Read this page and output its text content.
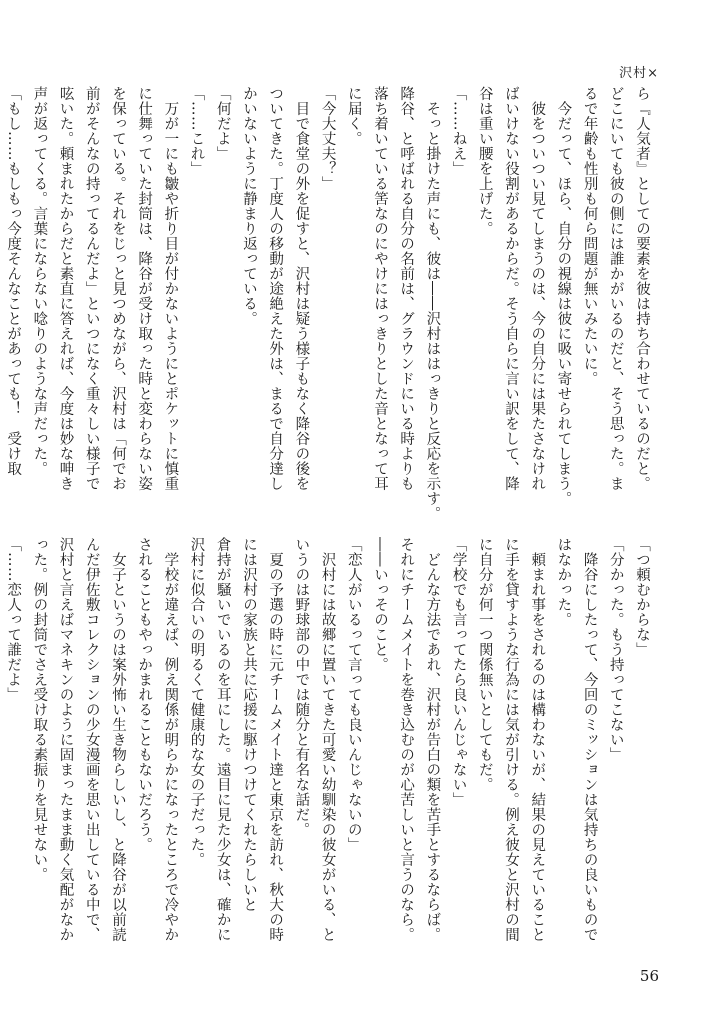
沢村×
ら『人気者』としての要素を彼は持ち合わせているのだと。
どこにいても彼の側には誰かがいるのだと、そう思った。ま
るで年齢も性別も何ら問題が無いみたいに。
　今だって、ほら、自分の視線は彼に吸い寄せられてしまう。
　彼をついつい見てしまうのは、今の自分には果たさなけれ
ばいけない役割があるからだ。そう自らに言い訳をして、降
谷は重い腰を上げた。
「……ねえ」
　そっと掛けた声にも、彼は――沢村ははっきりと反応を示す。
降谷、と呼ばれる自分の名前は、グラウンドにいる時よりも
落ち着いている筈なのにやけにはっきりとした音となって耳
に届く。
「今大丈夫？」
　目で食堂の外を促すと、沢村は疑う様子もなく降谷の後を
ついてきた。丁度人の移動が途絶えた外は、まるで自分達し
かいないように静まり返っている。
「何だよ」
「……これ」
　万が一にも皺や折り目が付かないようにとポケットに慎重
に仕舞っていた封筒は、降谷が受け取った時と変わらない姿
を保っている。それをじっと見つめながら、沢村は「何でお
前がそんなの持ってるんだよ」といつになく重々しい様子で
呟いた。頼まれたからだと素直に答えれば、今度は妙な呻き
声が返ってくる。言葉にならない唸りのような声だった。
「もし……もしもっ今度そんなことがあっても！　受け取
「つ頼むからな」
「分かった。もう持ってこない」
　降谷にしたって、今回のミッションは気持ちの良いもので
はなかった。
　頼まれ事をされるのは構わないが、結果の見えていること
に手を貸すような行為には気が引ける。例え彼女と沢村の間
に自分が何一つ関係無いとしてもだ。
「学校でも言ってたら良いんじゃない」
　どんな方法であれ、沢村が告白の類を苦手とするならば。
それにチームメイトを巻き込むのが心苦しいと言うのなら。
――いっそのこと。
「恋人がいるって言っても良いんじゃないの」
　沢村には故郷に置いてきた可愛い幼馴染の彼女がいる、と
いうのは野球部の中では随分と有名な話だ。
　夏の予選の時に元チームメイト達と東京を訪れ、秋大の時
には沢村の家族と共に応援に駆けつけてくれたらしいと
倉持が騒いでいるのを耳にした。遠目に見た少女は、確かに
沢村に似合いの明るくて健康的な女の子だった。
　学校が違えば、例え関係が明らかになったところで冷やか
されることもやっかまれることもないだろう。
　女子というのは案外怖い生き物らしいし、と降谷が以前読
んだ伊佐敷コレクションの少女漫画を思い出している中で、
沢村と言えばマネキンのように固まったまま動く気配がなか
った。例の封筒でさえ受け取る素振りを見せない。
「……恋人って誰だよ」
56
